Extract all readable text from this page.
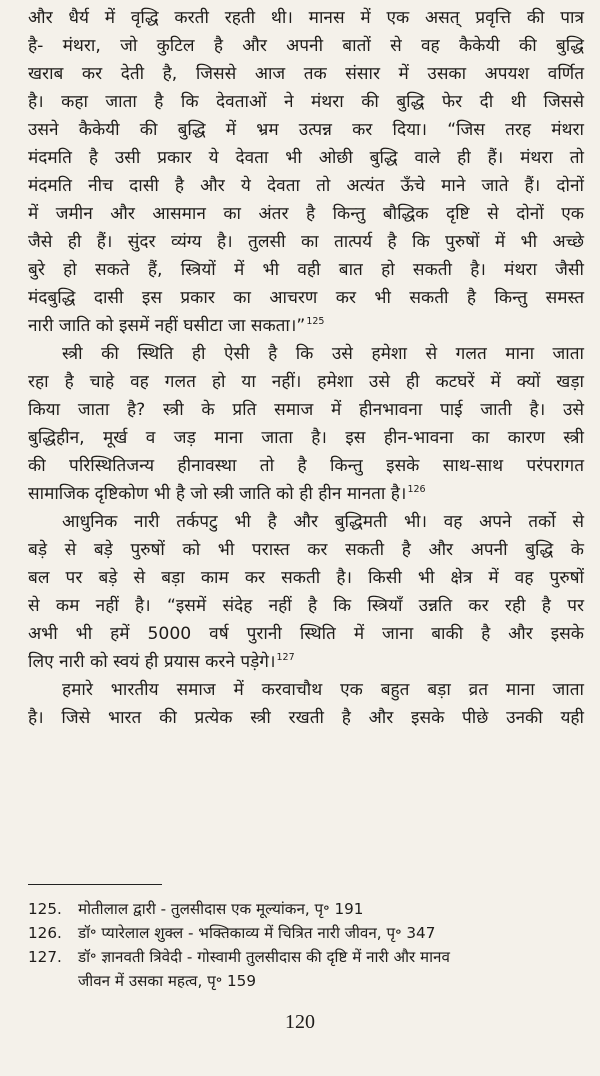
और धैर्य में वृद्धि करती रहती थी। मानस में एक असत् प्रवृत्ति की पात्र
है- मंथरा, जो कुटिल है और अपनी बातों से वह कैकेयी की बुद्धि
खराब कर देती है, जिससे आज तक संसार में उसका अपयश वर्णित
है। कहा जाता है कि देवताओं ने मंथरा की बुद्धि फेर दी थी जिससे
उसने कैकेयी की बुद्धि में भ्रम उत्पन्न कर दिया। “जिस तरह मंथरा
मंदमति है उसी प्रकार ये देवता भी ओछी बुद्धि वाले ही हैं। मंथरा तो
मंदमति नीच दासी है और ये देवता तो अत्यंत ऊँचे माने जाते हैं। दोनों
में जमीन और आसमान का अंतर है किन्तु बौद्धिक दृष्टि से दोनों एक
जैसे ही हैं। सुंदर व्यंग्य है। तुलसी का तात्पर्य है कि पुरुषों में भी अच्छे
बुरे हो सकते हैं, स्त्रियों में भी वही बात हो सकती है। मंथरा जैसी
मंदबुद्धि दासी इस प्रकार का आचरण कर भी सकती है किन्तु समस्त
नारी जाति को इसमें नहीं घसीटा जा सकता।”$^{125}$
स्त्री की स्थिति ही ऐसी है कि उसे हमेशा से गलत माना जाता
रहा है चाहे वह गलत हो या नहीं। हमेशा उसे ही कटघरें में क्यों खड़ा
किया जाता है? स्त्री के प्रति समाज में हीनभावना पाई जाती है। उसे
बुद्धिहीन, मूर्ख व जड़ माना जाता है। इस हीन-भावना का कारण स्त्री
की परिस्थितिजन्य हीनावस्था तो है किन्तु इसके साथ-साथ परंपरागत
सामाजिक दृष्टिकोण भी है जो स्त्री जाति को ही हीन मानता है।$^{126}$
आधुनिक नारी तर्कपटु भी है और बुद्धिमती भी। वह अपने तर्को से
बड़े से बड़े पुरुषों को भी परास्त कर सकती है और अपनी बुद्धि के
बल पर बड़े से बड़ा काम कर सकती है। किसी भी क्षेत्र में वह पुरुषों
से कम नहीं है। “इसमें संदेह नहीं है कि स्त्रियाँ उन्नति कर रही है पर
अभी भी हमें 5000 वर्ष पुरानी स्थिति में जाना बाकी है और इसके
लिए नारी को स्वयं ही प्रयास करने पड़ेगे।$^{127}$
हमारे भारतीय समाज में करवाचौथ एक बहुत बड़ा व्रत माना जाता
है। जिसे भारत की प्रत्येक स्त्री रखती है और इसके पीछे उनकी यही
125. मोतीलाल द्वारी - तुलसीदास एक मूल्यांकन, पृ॰ 191
126. डॉ॰ प्यारेलाल शुक्ल - भक्तिकाव्य में चित्रित नारी जीवन, पृ॰ 347
127. डॉ॰ ज्ञानवती त्रिवेदी - गोस्वामी तुलसीदास की दृष्टि में नारी और मानव
जीवन में उसका महत्व, पृ॰ 159
120
